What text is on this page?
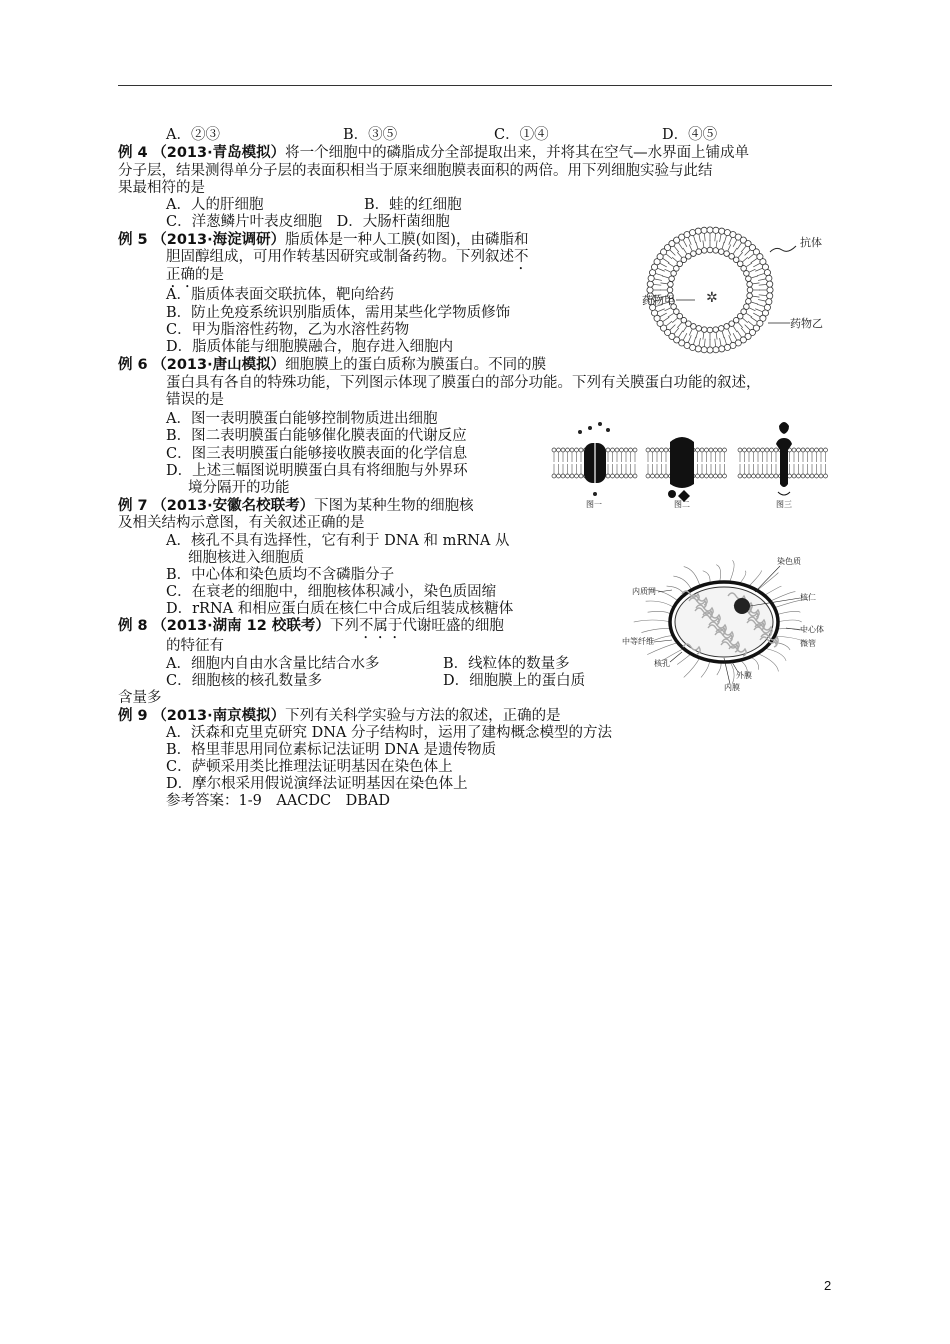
A．②③	B．③⑤	C．①④	D．④⑤
例 4 （2013·青岛模拟）将一个细胞中的磷脂成分全部提取出来，并将其在空气—水界面上铺成单
分子层，结果测得单分子层的表面积相当于原来细胞膜表面积的两倍。用下列细胞实验与此结
果最相符的是
A．人的肝细胞	B．蛙的红细胞
C．洋葱鳞片叶表皮细胞　D．大肠杆菌细胞
例 5 （2013·海淀调研）脂质体是一种人工膜(如图)，由磷脂和
胆固醇组成，可用作转基因研究或制备药物。下列叙述不
正确的是
A．脂质体表面交联抗体，靶向给药
B．防止免疫系统识别脂质体，需用某些化学物质修饰
C．甲为脂溶性药物，乙为水溶性药物
D．脂质体能与细胞膜融合，胞存进入细胞内
药物甲
抗体
药物乙
✲
例 6 （2013·唐山模拟）细胞膜上的蛋白质称为膜蛋白。不同的膜
蛋白具有各自的特殊功能，下列图示体现了膜蛋白的部分功能。下列有关膜蛋白功能的叙述，
错误的是
A．图一表明膜蛋白能够控制物质进出细胞
B．图二表明膜蛋白能够催化膜表面的代谢反应
C．图三表明膜蛋白能够接收膜表面的化学信息
D．上述三幅图说明膜蛋白具有将细胞与外界环
境分隔开的功能
图一	图二	图三
例 7 （2013·安徽名校联考）下图为某种生物的细胞核
及相关结构示意图，有关叙述正确的是
A．核孔不具有选择性，它有利于 DNA 和 mRNA 从
细胞核进入细胞质
B．中心体和染色质均不含磷脂分子
C．在衰老的细胞中，细胞核体积减小，染色质固缩
D．rRNA 和相应蛋白质在核仁中合成后组装成核糖体
染色质
内质网
核仁
中心体
微管
中等纤维
核孔
外膜
内膜
例 8 （2013·湖南 12 校联考）下列不属于代谢旺盛的细胞
的特征有
A．细胞内自由水含量比结合水多	B．线粒体的数量多
C．细胞核的核孔数量多	D．细胞膜上的蛋白质
含量多
例 9 （2013·南京模拟）下列有关科学实验与方法的叙述，正确的是
A．沃森和克里克研究 DNA 分子结构时，运用了建构概念模型的方法
B．格里菲思用同位素标记法证明 DNA 是遗传物质
C．萨顿采用类比推理法证明基因在染色体上
D．摩尔根采用假说演绎法证明基因在染色体上
参考答案：1-9　AACDC　DBAD
2
